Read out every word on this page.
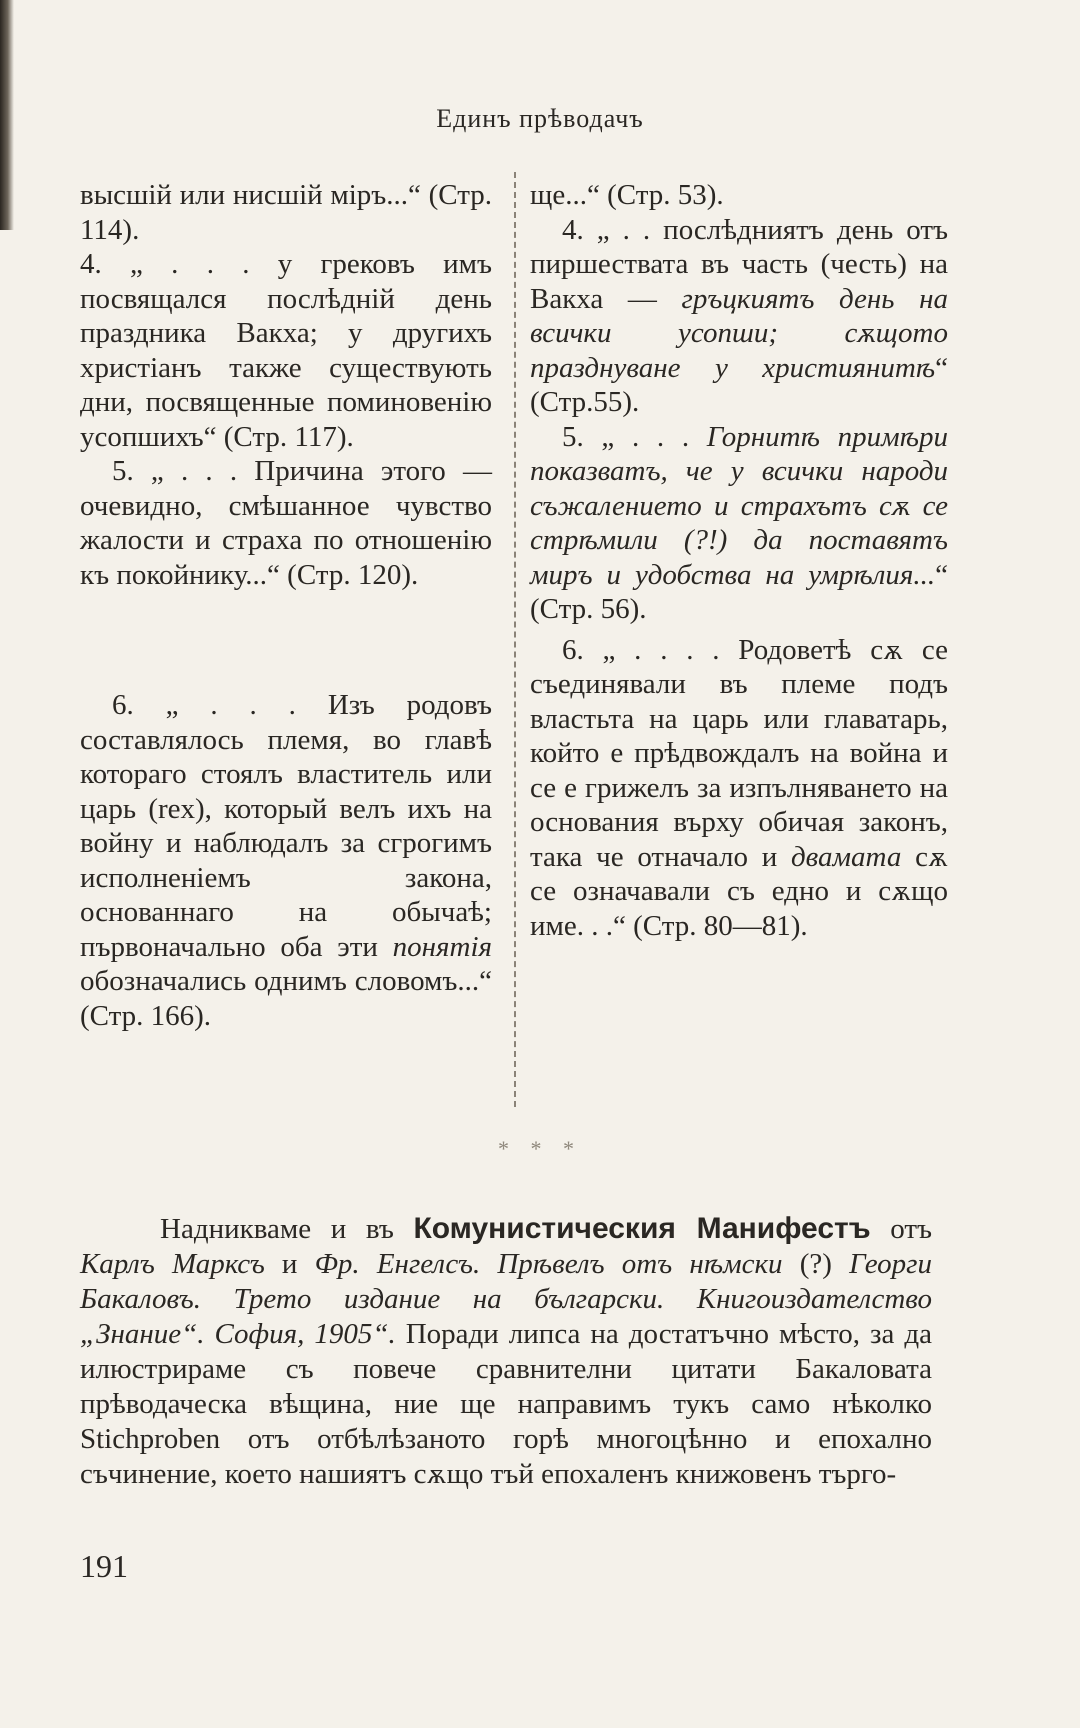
Единъ прѣводачъ

высшій или нисшій міръ...“ (Стр. 114).

4. „ . . . у грековъ имъ посвящался послѣдній день праздника Вакха; у другихъ христіанъ также существують дни, посвященные поминовенію усопшихъ“ (Стр. 117).

5. „ . . . Причина этого — очевидно, смѣшанное чувство жалости и страха по отношенію къ покойнику...“ (Стр. 120).

6. „ . . . Изъ родовъ составлялось племя, во главѣ котораго стоялъ властитель или царь (rex), который велъ ихъ на войну и наблюдалъ за сгрогимъ исполненіемъ закона, основаннаго на обычаѣ; първоначально оба эти понятія обозначались однимъ словомъ...“ (Стр. 166).

ще...“ (Стр. 53).

4. „ . . послѣдниятъ день отъ пиршествата въ часть (честь) на Вакха — гръцкиятъ день на всички усопши; сѫщото празднуване у християнитѣ“ (Стр.55).

5. „ . . . Горнитѣ примѣри показватъ, че у всички народи съжалението и страхътъ сѫ се стрѣмили (?!) да поставятъ миръ и удобства на умрѣлия...“ (Стр. 56).

6. „ . . . . Родоветѣ сѫ се съединявали въ племе подъ властьта на царь или главатарь, който е прѣдвождалъ на война и се е грижелъ за изпълняването на основания върху обичая законъ, така че отначало и двамата сѫ се означавали съ едно и сѫщо име. . .“ (Стр. 80—81).

* * *

Надникваме и въ Комунистическия Манифестъ отъ Карлъ Марксъ и Фр. Енгелсъ. Прѣвелъ отъ нѣмски (?) Георги Бакаловъ. Трето издание на български. Книгоиздателство „Знание“. София, 1905“. Поради липса на достатъчно мѣсто, за да илюстрираме съ повече сравнителни цитати Бакаловата прѣводаческа вѣщина, ние ще направимъ тукъ само нѣколко Stichproben отъ отбѣлѣзаното горѣ многоцѣнно и епохално съчинение, което нашиятъ сѫщо тъй епохаленъ книжовенъ търго-

191
